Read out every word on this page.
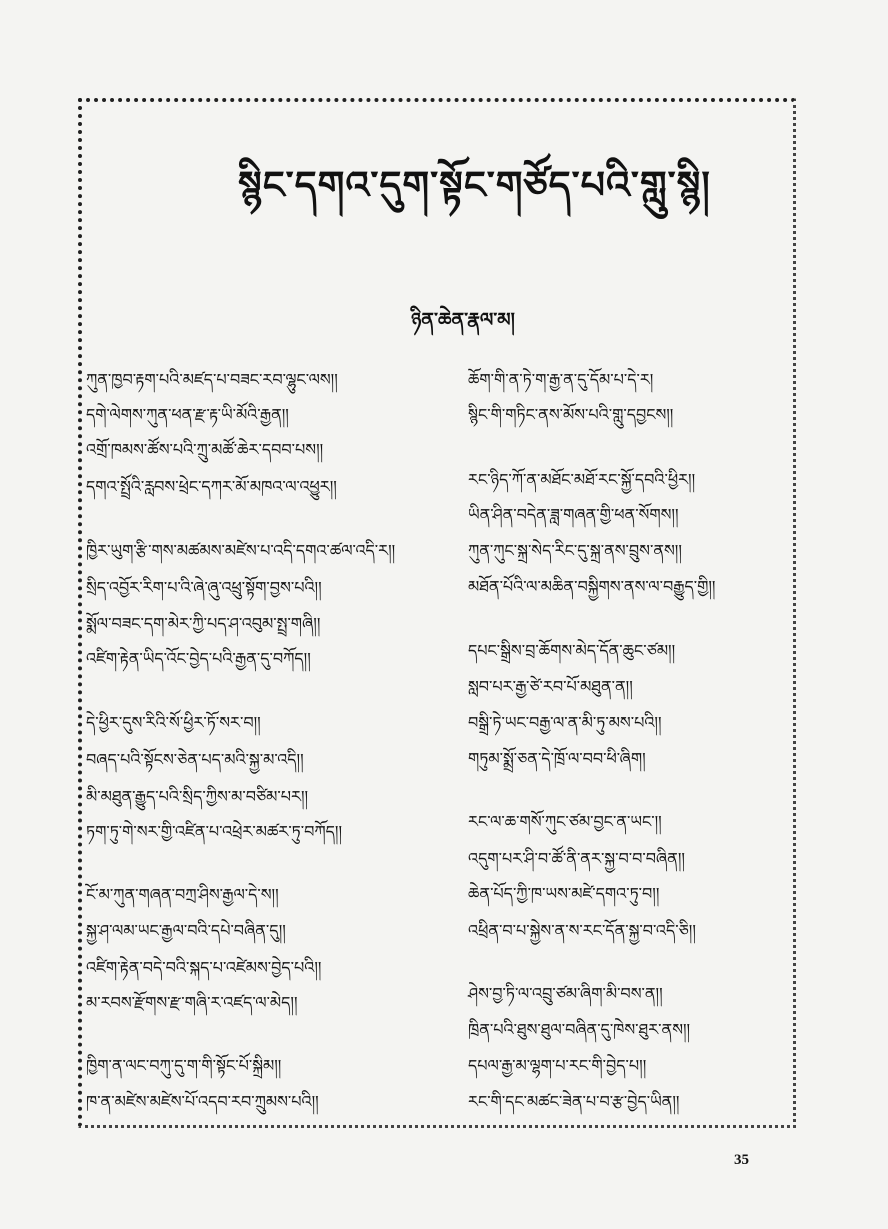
སྙིང་དགའ་དུག་སྟོང་གཙོད་པའི་གླུ་སྙི།
ཉིན་ཆེན་རྣལ་མ།
ཀུན་ཁྱབ་རྟག་པའི་མཛད་པ་བཟང་རབ་ལྷུང་ལས།།
དགེ་ལེགས་ཀུན་ཕན་རྫ་རྟ་ཡི་མོའི་རྒྱན།།
འགྲོ་ཁམས་ཚོས་པའི་ཀྲུ་མཚོ་ཆེར་དབབ་པས།།
དགའ་སྤྲོའི་རླབས་ཕྲེང་དཀར་མོ་མཁའ་ལ་འཕྱུར།།
ཁྱིར་ཡུག་རྩི་གས་མཚམས་མཛེས་པ་འདི་དགའ་ཚལ་འདི་ར།།
སྲིད་འབྱོར་རིག་པ་འི་ཞེ་ཞུ་འཕྲུ་སྟོག་བྱས་པའི།།
སྨོལ་བཟང་དག་མེར་ཀྱི་པད་ཤ་འབུམ་སྤྲ་གཞི།།
འཛིག་རྟེན་ཡིད་འོང་བྱེད་པའི་རྒྱན་དུ་བཀོད།།
དེ་ཕྱིར་དུས་རིའི་སོ་ཕྱིར་ཏོ་སར་བ།།
བཞད་པའི་སྟོངས་ཅེན་པད་མའི་སྐྱ་མ་འདི།།
མི་མཐུན་རྒྱུད་པའི་སྲིད་ཀྱིས་མ་བཙིམ་པར།།
ཏག་ཏུ་གེ་སར་གྱི་འཛིན་པ་འཕྲེར་མཚར་ཏུ་བཀོད།།
ངོ་མ་ཀུན་གཞན་བཀྲ་ཤིས་རྒྱལ་དེ་ས།།
སྐྱ་ཤ་ལམ་ཡང་རྒྱལ་བའི་དཔེ་བཞིན་དུ།།
འཛིག་རྟེན་བདེ་བའི་སྐད་པ་འཛེམས་བྱེད་པའི།།
མ་རབས་རྫོགས་རྫ་གཞི་ར་འཛད་ལ་མེད།།
ཁྱིག་ན་ལང་བཀུ་དུ་ག་གི་སྟོང་པོ་སྐྲིམ།།
ཁ་ན་མཛེས་མཛེས་པོ་འདབ་རབ་ཀྲུམས་པའི།།
ཆོག་གི་ན་ཏེ་ག་རྒྱ་ན་དུ་དོམ་པ་དེ་ར།
སྙིང་གི་གཏིང་ནས་མོས་པའི་གླུ་དབྱངས།།
རང་ཉིད་ཀོ་ན་མཐོང་མཐོ་རང་སྐྱོ་དབའི་ཕྱིར།།
ཡིན་ཤིན་བདེན་ཟླ་གཞན་གྱི་ཕན་སོགས།།
ཀུན་ཀུང་སྐྲ་སེད་རིང་དུ་སྐྲ་ནས་བྲུས་ནས།།
མཐོན་པོའི་ལ་མཆིན་བསྐྱིགས་ནས་ལ་བརྒྱུད་གྱི།།
དཔང་སྒྲིས་བྲ་ཆོགས་མེད་དོན་ཆུང་ཙམ།།
སླབ་པར་རྒྱ་ཙེ་རབ་པོ་མཐུན་ན།།
བསྒྲི་ཏེ་ཡང་བརྒྱ་ལ་ན་མི་ཏུ་མས་པའི།།
གཏུམ་སྨྲོ་ཅན་དེ་ཁྲོ་ལ་བབ་ཕི་ཞིག།
རང་ལ་ཆ་གསོ་ཀུང་ཙམ་བྱང་ན་ཡང་།།
འདུག་པར་ཤི་བ་ཚོ་ནི་ནར་སྐྱ་བ་བ་བཞིན།།
ཆེན་པོད་ཀྱི་ཁ་ཡས་མཛེ་དགའ་ཏུ་བ།།
འཕྲིན་བ་པ་སྐྱེས་ན་ས་རང་དོན་སྐྱ་བ་འདི་ཅི།།
ཤེས་བྱ་ཏི་ལ་འབྲུ་ཙམ་ཞིག་མི་བས་ན།།
ཁྲིན་པའི་ཐུས་ཐུལ་བཞིན་དུ་ཁེས་ཐུར་ནས།།
དཔལ་རྒྱ་མ་ལྷག་པ་རང་གི་བྱེད་པ།།
རང་གི་དང་མཚང་ཟེན་པ་བ་རྩ་བྱེད་ཡིན།།
35
